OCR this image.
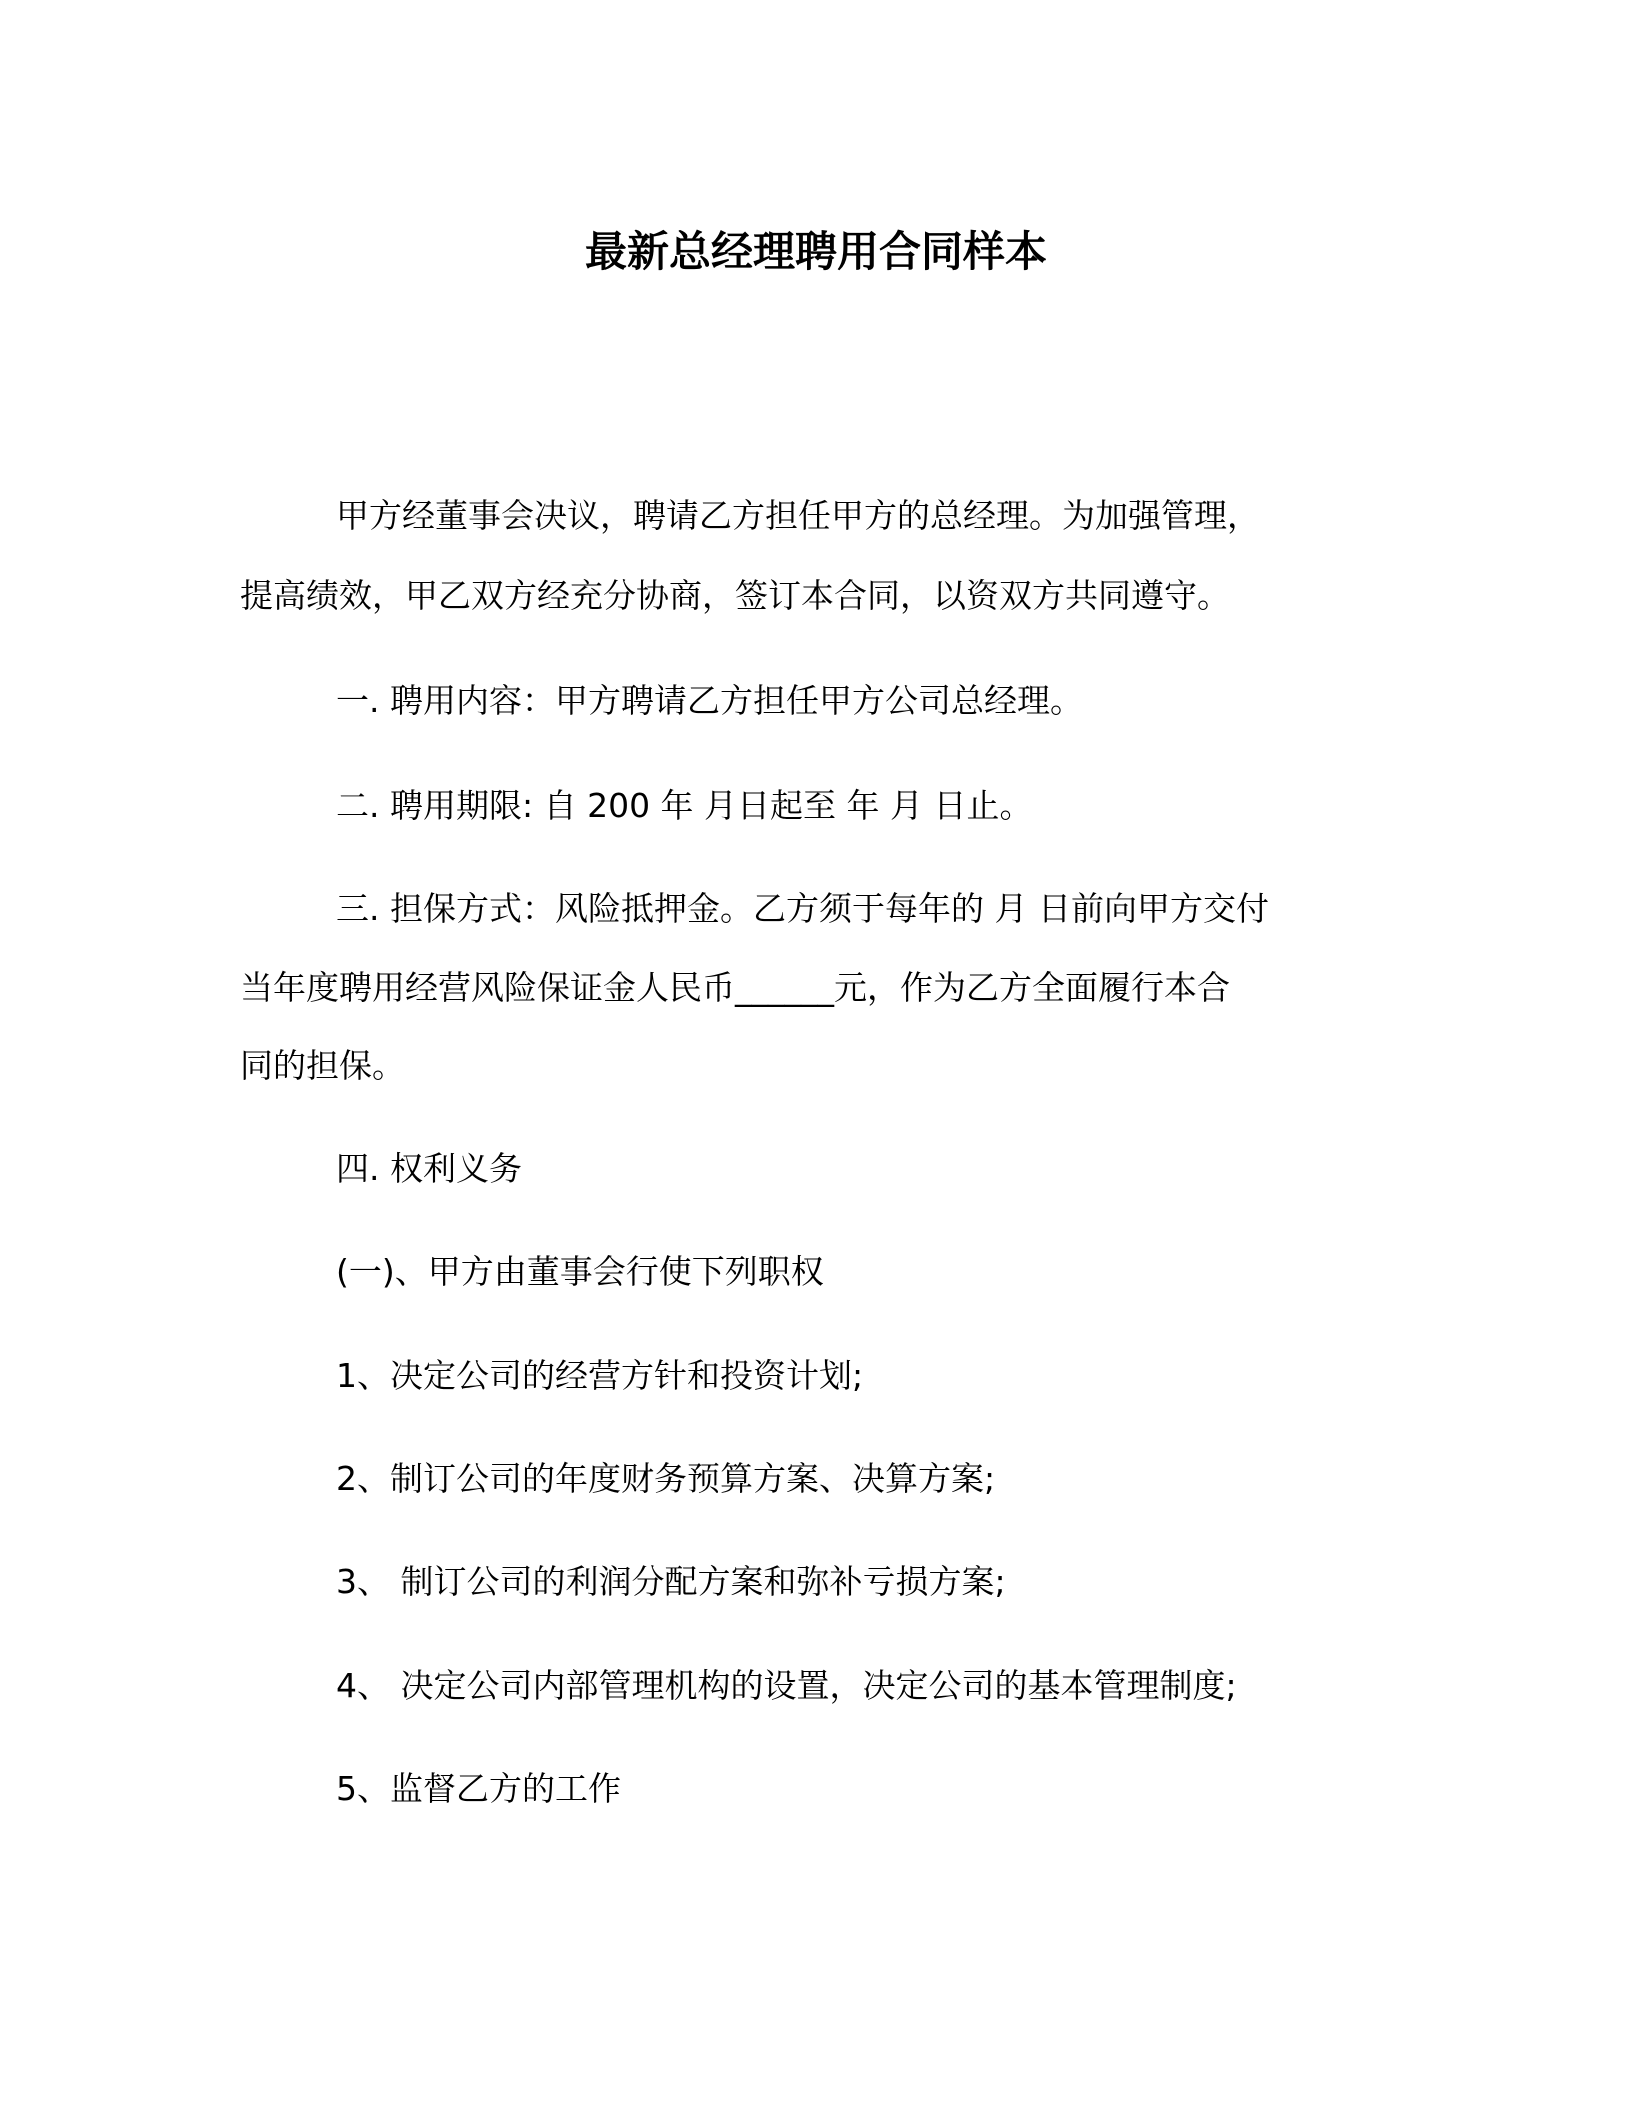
最新总经理聘用合同样本
甲方经董事会决议，聘请乙方担任甲方的总经理。为加强管理，
提高绩效，甲乙双方经充分协商，签订本合同，以资双方共同遵守。
一. 聘用内容：甲方聘请乙方担任甲方公司总经理。
二. 聘用期限: 自 200 年 月日起至 年 月 日止。
三. 担保方式：风险抵押金。乙方须于每年的 月 日前向甲方交付
当年度聘用经营风险保证金人民币______元，作为乙方全面履行本合
同的担保。
四. 权利义务
(一)、甲方由董事会行使下列职权
1、决定公司的经营方针和投资计划;
2、制订公司的年度财务预算方案、决算方案;
3、 制订公司的利润分配方案和弥补亏损方案;
4、 决定公司内部管理机构的设置，决定公司的基本管理制度;
5、监督乙方的工作
